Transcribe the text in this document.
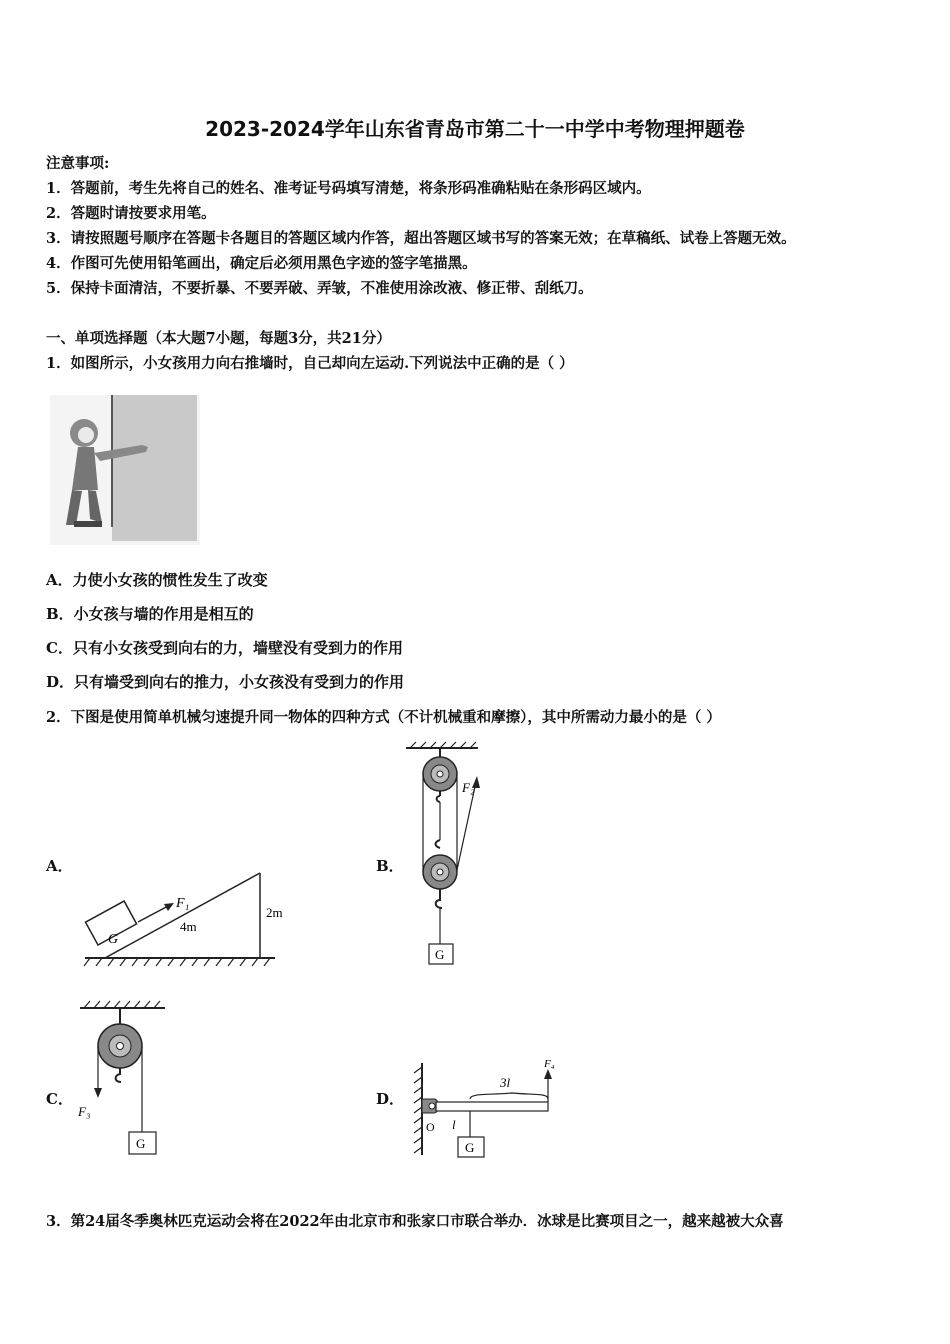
2023-2024学年山东省青岛市第二十一中学中考物理押题卷
注意事项:
1．答题前，考生先将自己的姓名、准考证号码填写清楚，将条形码准确粘贴在条形码区域内。
2．答题时请按要求用笔。
3．请按照题号顺序在答题卡各题目的答题区域内作答，超出答题区域书写的答案无效；在草稿纸、试卷上答题无效。
4．作图可先使用铅笔画出，确定后必须用黑色字迹的签字笔描黑。
5．保持卡面清洁，不要折暴、不要弄破、弄皱，不准使用涂改液、修正带、刮纸刀。
一、单项选择题（本大题7小题，每题3分，共21分）
1．如图所示，小女孩用力向右推墙时，自己却向左运动.下列说法中正确的是（ ）
A．力使小女孩的惯性发生了改变
B．小女孩与墙的作用是相互的
C．只有小女孩受到向右的力，墙壁没有受到力的作用
D．只有墙受到向右的推力，小女孩没有受到力的作用
2．下图是使用简单机械匀速提升同一物体的四种方式（不计机械重和摩擦），其中所需动力最小的是（ ）
A．	B．
C．	D．
G
F₁
4m
2m
F₂
G
F₃
G
O
3l
F₄
l
G
3．第24届冬季奥林匹克运动会将在2022年由北京市和张家口市联合举办．冰球是比赛项目之一，越来越被大众喜
